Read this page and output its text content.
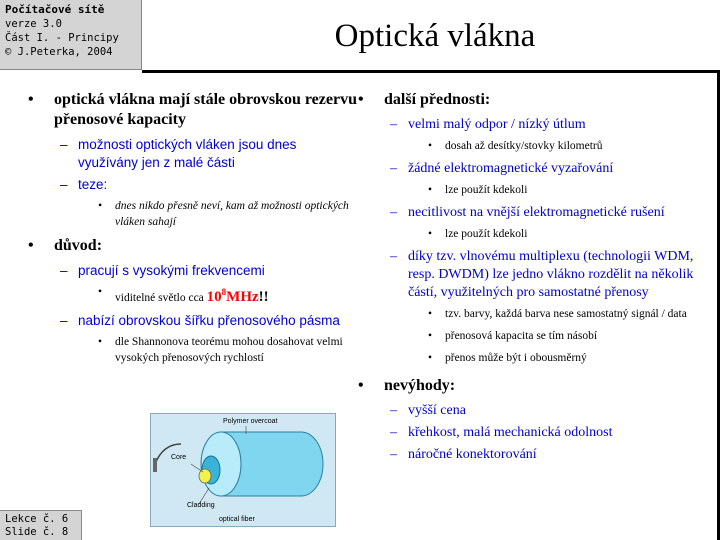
Počítačové sítě
verze 3.0
Část I. - Principy
© J.Peterka, 2004	Optická vlákna
• optická vlákna mají stále obrovskou rezervu přenosové kapacity
– možnosti optických vláken jsou dnes využívány jen z malé části
– teze:
• dnes nikdo přesně neví, kam až možnosti optických vláken sahají
• důvod:
– pracují s vysokými frekvencemi
• viditelné světlo cca $10^8MHz$!!
– nabízí obrovskou šířku přenosového pásma
• dle Shannonova teorému mohou dosahovat velmi vysokých přenosových rychlostí
• další přednosti:
– velmi malý odpor / nízký útlum
• dosah až desítky/stovky kilometrů
– žádné elektromagnetické vyzařování
• lze použít kdekoli
– necitlivost na vnější elektromagnetické rušení
• lze použít kdekoli
– díky tzv. vlnovému multiplexu (technologii WDM, resp. DWDM) lze jedno vlákno rozdělit na několik částí, využitelných pro samostatné přenosy
• tzv. barvy, každá barva nese samostatný signál / data
• přenosová kapacita se tím násobí
• přenos může být i obousměrný
• nevýhody:
– vyšší cena
– křehkost, malá mechanická odolnost
– náročné konektorování
Polymer overcoat
Core
Cladding
optical fiber
Lekce č. 6
Slide č. 8
